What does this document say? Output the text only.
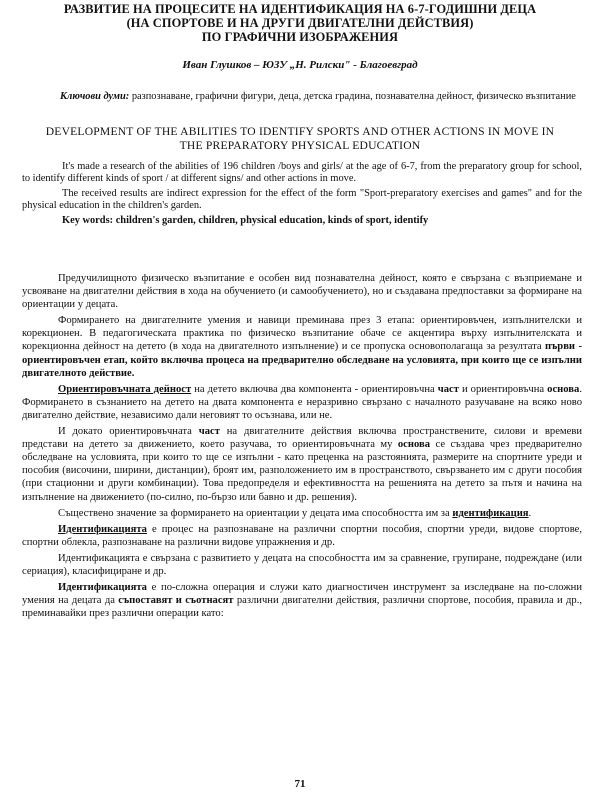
РАЗВИТИЕ НА ПРОЦЕСИТЕ НА ИДЕНТИФИКАЦИЯ НА 6-7-ГОДИШНИ ДЕЦА
(НА СПОРТОВЕ И НА ДРУГИ ДВИГАТЕЛНИ ДЕЙСТВИЯ)
ПО ГРАФИЧНИ ИЗОБРАЖЕНИЯ
Иван Глушков – ЮЗУ „Н. Рилски" - Благоевград
Ключови думи: разпознаване, графични фигури, деца, детска градина, познавателна дейност, физическо възпитание
DEVELOPMENT OF THE ABILITIES TO IDENTIFY SPORTS AND OTHER ACTIONS IN MOVE IN
THE PREPARATORY PHYSICAL EDUCATION

It's made a research of the abilities of 196 children /boys and girls/ at the age of 6-7, from the preparatory group for school, to identify different kinds of sport / at different signs/ and other actions in move.

The received results are indirect expression for the effect of the form "Sport-preparatory exercises and games" and for the physical education in the children's garden.

Key words: children's garden, children, physical education, kinds of sport, identify

Предучилищното физическо възпитание е особен вид познавателна дейност, която е свързана с възприемане и усвояване на двигателни действия в хода на обучението (и самообучението), но и създавана предпоставки за формиране на ориентации у децата.

Формирането на двигателните умения и навици преминава през 3 етапа: ориентировъчен, изпълнителски и корекционен. В педагогическата практика по физическо възпитание обаче се акцентира върху изпълнителската и корекционна дейност на детето (в хода на двигателното изпълнение) и се пропуска основополагаща за резултата първи - ориентировъчен етап, който включва процеса на предварително обследване на условията, при които ще се изпълни двигателното действие.

Ориентировъчната дейност на детето включва два компонента - ориентировъчна част и ориентировъчна основа. Формирането в съзнанието на детето на двата компонента е неразривно свързано с началното разучаване на всяко ново двигателно действие, независимо дали неговият то осъзнава, или не.

И докато ориентировъчната част на двигателните действия включва пространствените, силови и времеви представи на детето за движението, което разучава, то ориентировъчната му основа се създава чрез предварително обследване на условията, при които то ще се изпълни - като преценка на разстоянията, размерите на спортните уреди и пособия (височини, ширини, дистанции), броят им, разположението им в пространството, свързването им с други пособия (при стационни и други комбинации). Това предопределя и ефективността на решенията на детето за пътя и начина на изпълнение на движението (по-силно, по-бързо или бавно и др. решения).

Съществено значение за формирането на ориентации у децата има способността им за идентификация.

Идентификацията е процес на разпознаване на различни спортни пособия, спортни уреди, видове спортове, спортни облекла, разпознаване на различни видове упражнения и др.

Идентификацията е свързана с развитието у децата на способността им за сравнение, групиране, подреждане (или сериация), класифициране и др.

Идентификацията е по-сложна операция и служи като диагностичен инструмент за изследване на по-сложни умения на децата да съпоставят и съотнасят различни двигателни действия, различни спортове, пособия, правила и др., преминавайки през различни операции като:

71
